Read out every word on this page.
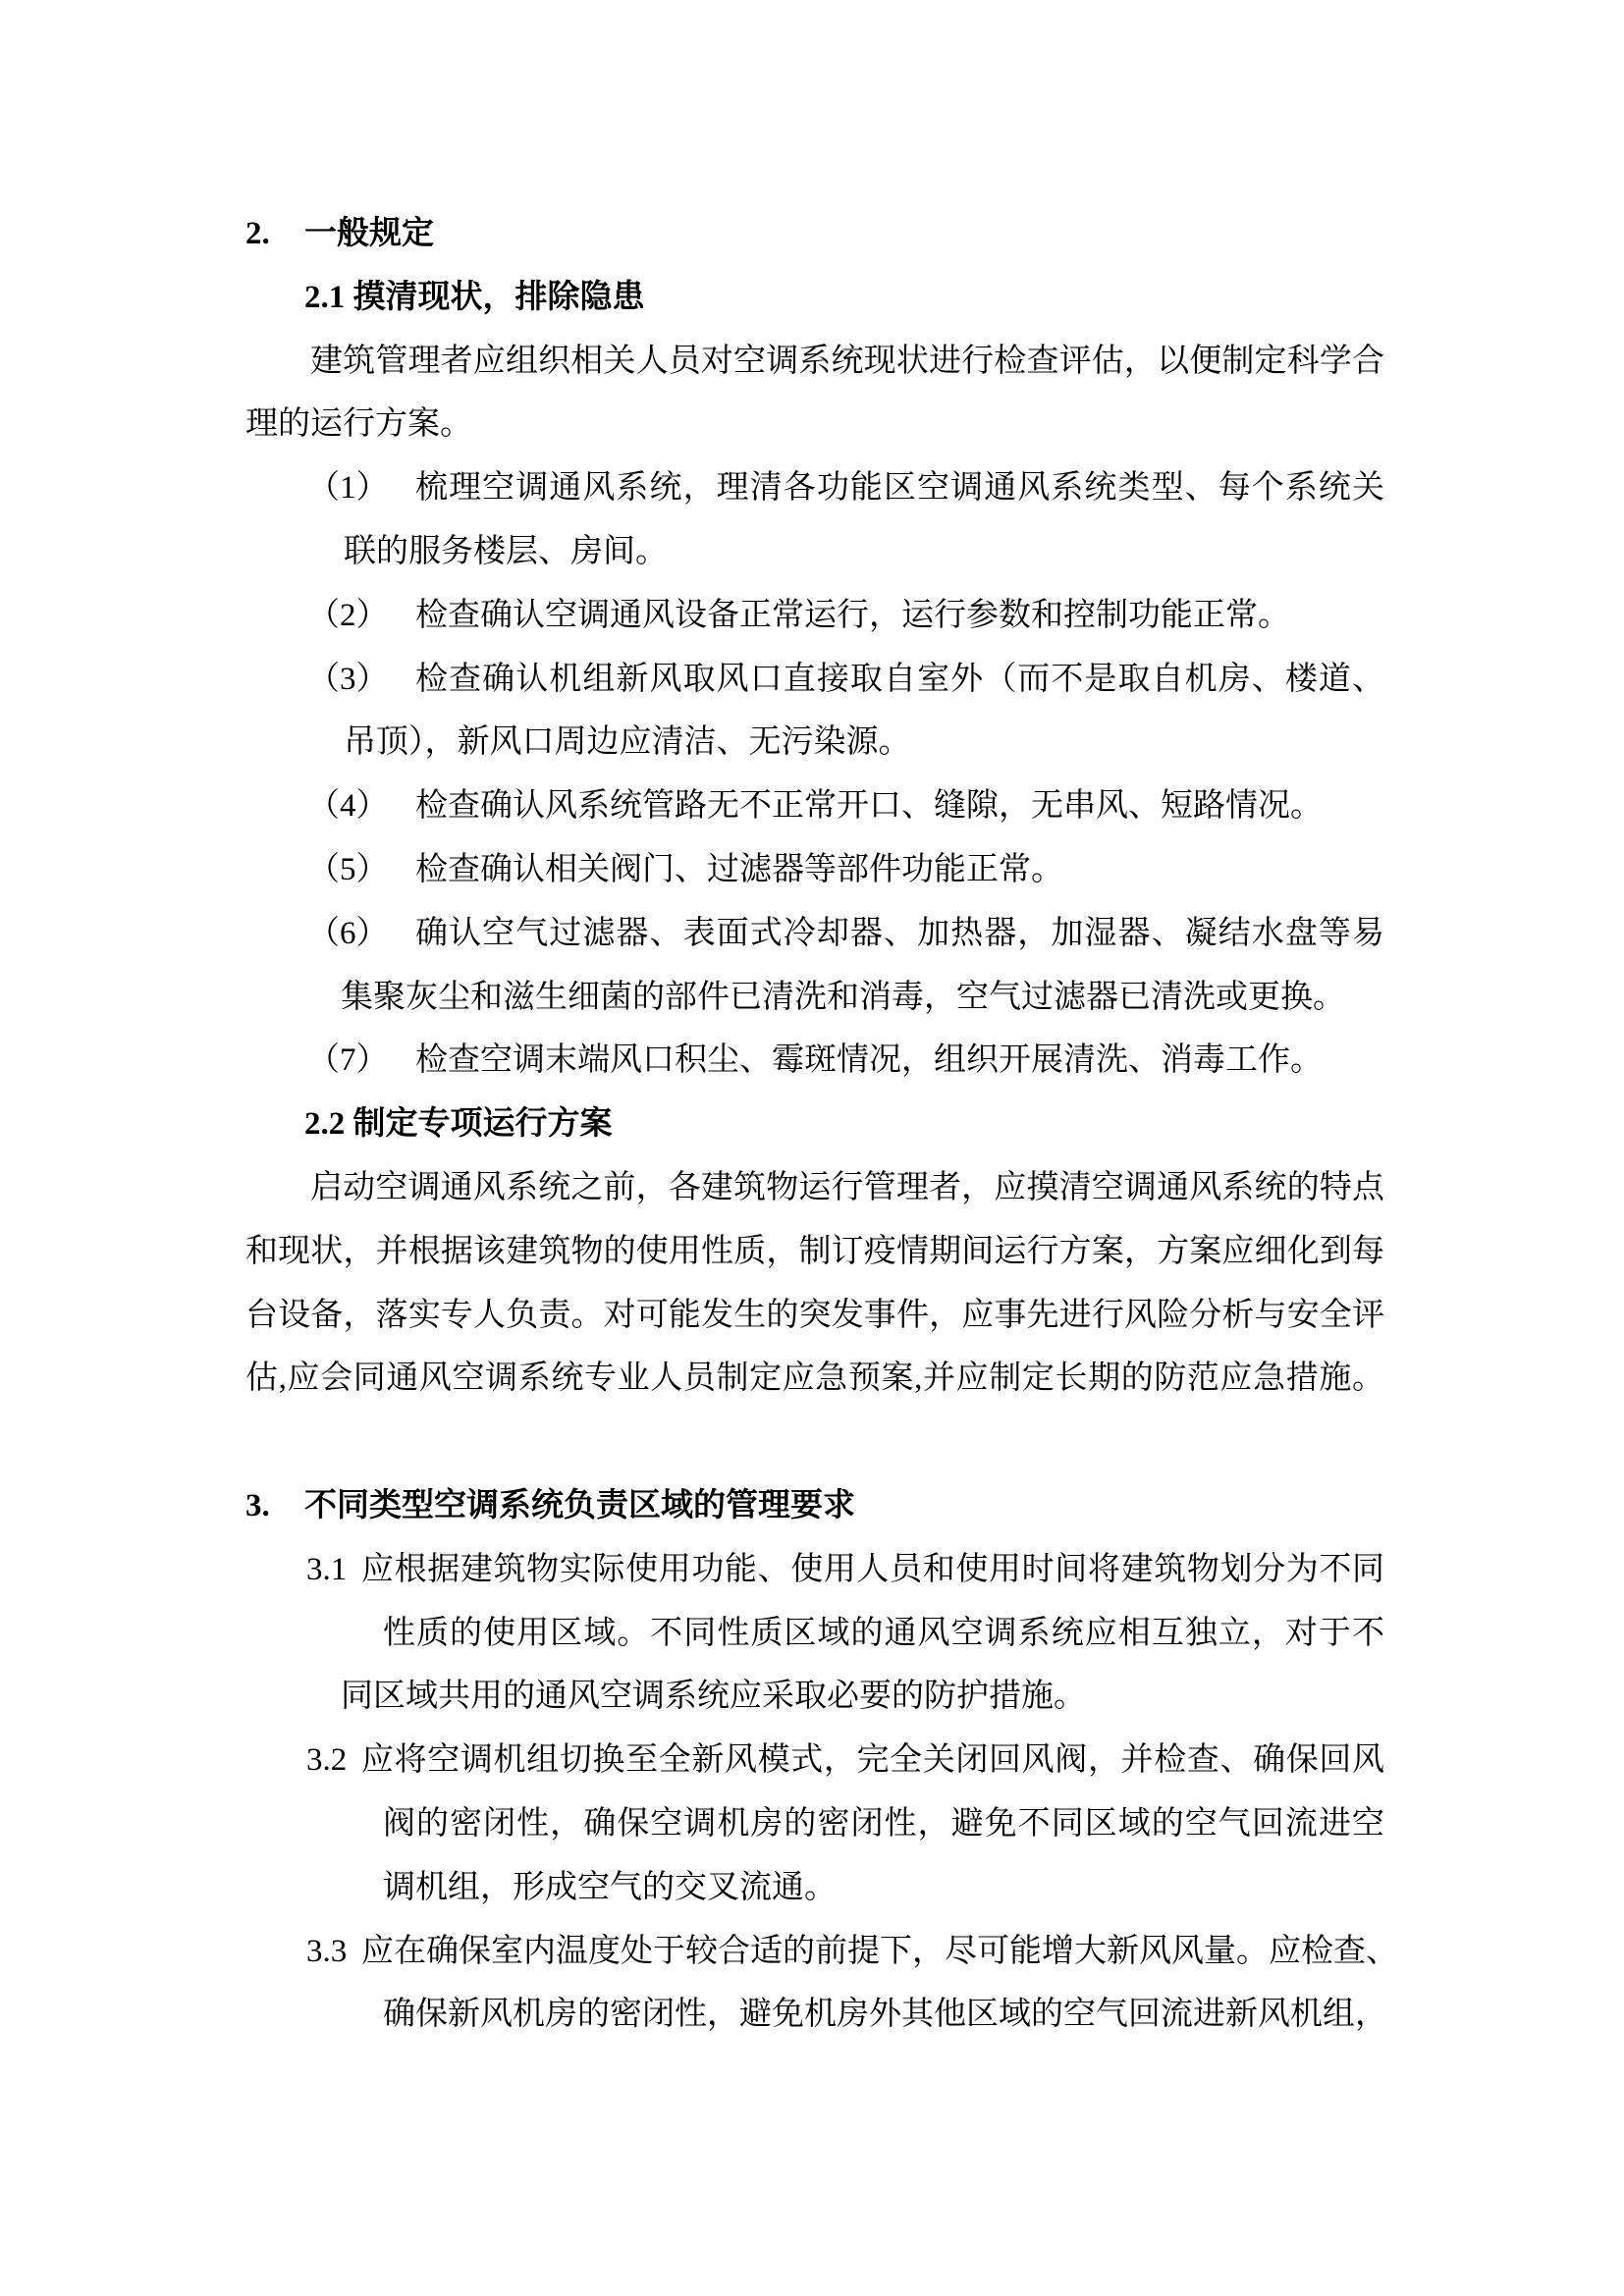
2.	一般规定
2.1 摸清现状，排除隐患
建筑管理者应组织相关人员对空调系统现状进行检查评估，以便制定科学合
理的运行方案。
（1） 梳理空调通风系统，理清各功能区空调通风系统类型、每个系统关
联的服务楼层、房间。
（2） 检查确认空调通风设备正常运行，运行参数和控制功能正常。
（3） 检查确认机组新风取风口直接取自室外（而不是取自机房、楼道、
吊顶），新风口周边应清洁、无污染源。
（4） 检查确认风系统管路无不正常开口、缝隙，无串风、短路情况。
（5） 检查确认相关阀门、过滤器等部件功能正常。
（6） 确认空气过滤器、表面式冷却器、加热器，加湿器、凝结水盘等易
集聚灰尘和滋生细菌的部件已清洗和消毒，空气过滤器已清洗或更换。
（7） 检查空调末端风口积尘、霉斑情况，组织开展清洗、消毒工作。
2.2 制定专项运行方案
启动空调通风系统之前，各建筑物运行管理者，应摸清空调通风系统的特点
和现状，并根据该建筑物的使用性质，制订疫情期间运行方案，方案应细化到每
台设备，落实专人负责。对可能发生的突发事件，应事先进行风险分析与安全评
估,应会同通风空调系统专业人员制定应急预案,并应制定长期的防范应急措施。
3.	不同类型空调系统负责区域的管理要求
3.1 应根据建筑物实际使用功能、使用人员和使用时间将建筑物划分为不同
性质的使用区域。不同性质区域的通风空调系统应相互独立，对于不
同区域共用的通风空调系统应采取必要的防护措施。
3.2 应将空调机组切换至全新风模式，完全关闭回风阀，并检查、确保回风
阀的密闭性，确保空调机房的密闭性，避免不同区域的空气回流进空
调机组，形成空气的交叉流通。
3.3 应在确保室内温度处于较合适的前提下，尽可能增大新风风量。应检查、
确保新风机房的密闭性，避免机房外其他区域的空气回流进新风机组，
